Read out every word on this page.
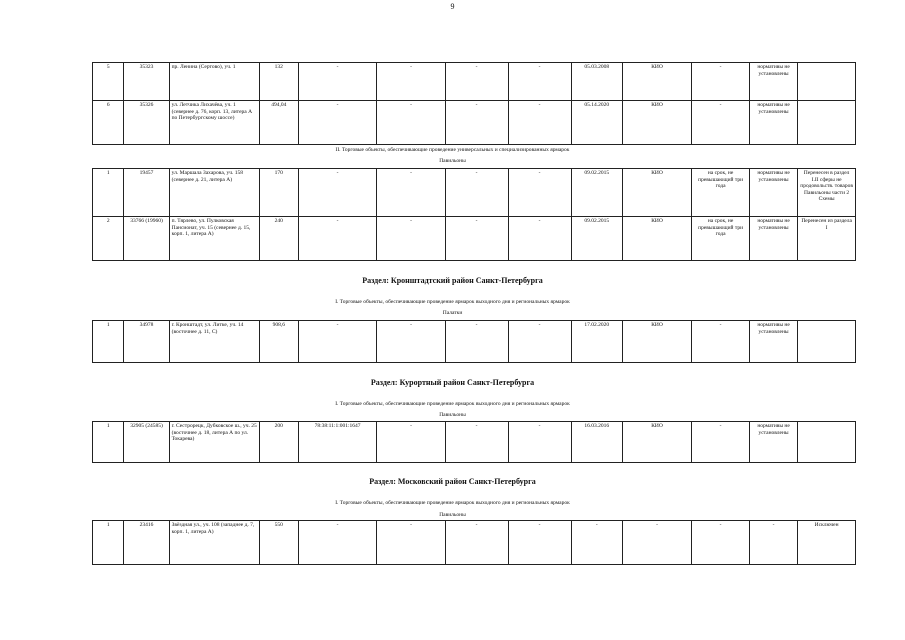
9
5	35323	пр. Ленина (Сертово), уч. 1	132	-	-	-	-	05.03.2008	КИО	-	нормативы не установлены	
6	35326	ул. Летчика Лихачёва, уч. 1 (севернее д. 76, корп. 13, литера А по Петербургскому шоссе)	494,04	-	-	-	-	05.14.2020	КИО	-	нормативы не установлены	
II. Торговые объекты, обеспечивающие проведение универсальных и специализированных ярмарок
Павильоны
1	19457	ул. Маршала Захарова, уч. 158 (севернее д. 21, литера А)	170	-	-	-	-	09.02.2015	КИО	на срок, не превышающий три года	нормативы не установлены	Перенесен в раздел I.II сферы не продовольств. товаров Павильоны части 2 Схемы
2	33766 (19960)	п. Тярлево, ул. Пулковская Пансионат, уч. 15 (севернее д. 15, корп. 1, литера А)	240	-	-	-	-	09.02.2015	КИО	на срок, не превышающий три года	нормативы не установлены	Перенесен из раздела I
Раздел: Кронштадтский район Санкт-Петербурга
I. Торговые объекты, обеспечивающие проведение ярмарок выходного дня и региональных ярмарок
Палатки
1	34978	г. Кронштадт, ул. Литке, уч. 14 (восточнее д. 11, С)	908,6	-	-	-	-	17.02.2020	КИО	-	нормативы не установлены	
Раздел: Курортный район Санкт-Петербурга
I. Торговые объекты, обеспечивающие проведение ярмарок выходного дня и региональных ярмарок
Павильоны
1	32905 (24585)	г. Сестрорецк, Дубковское ш., уч. 25 (восточнее д. 18, литера А по ул. Токарева)	200	78:38:11:1:001:1647	-	-	-	16.03.2016	КИО	-	нормативы не установлены	
Раздел: Московский район Санкт-Петербурга
I. Торговые объекты, обеспечивающие проведение ярмарок выходного дня и региональных ярмарок
Павильоны
1	23416	Звёздная ул., уч. 108 (западнее д. 7, корп. 1, литера А)	550	-	-	-	-	-	-	-	-	Исключен
